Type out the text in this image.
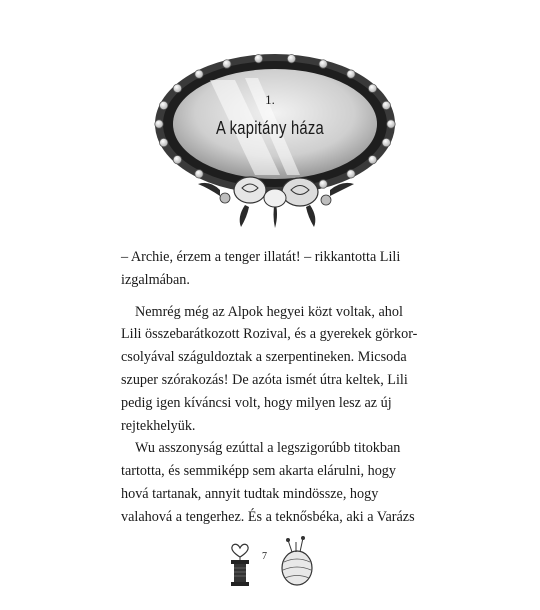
1.
A kapitány háza
– Archie, érzem a tenger illatát! – rikkantotta Lili
izgalmában.
Nemrég még az Alpok hegyei közt voltak, ahol
Lili összebarátkozott Rozival, és a gyerekek görkor-
csolyával száguldoztak a szerpentineken. Micsoda
szuper szórakozás! De azóta ismét útra keltek, Lili
pedig igen kíváncsi volt, hogy milyen lesz az új
rejtekhelyük.
Wu asszonyság ezúttal a legszigorúbb titokban
tartotta, és semmiképp sem akarta elárulni, hogy
hová tartanak, annyit tudtak mindössze, hogy
valahová a tengerhez. És a teknősbéka, aki a Varázs
7
